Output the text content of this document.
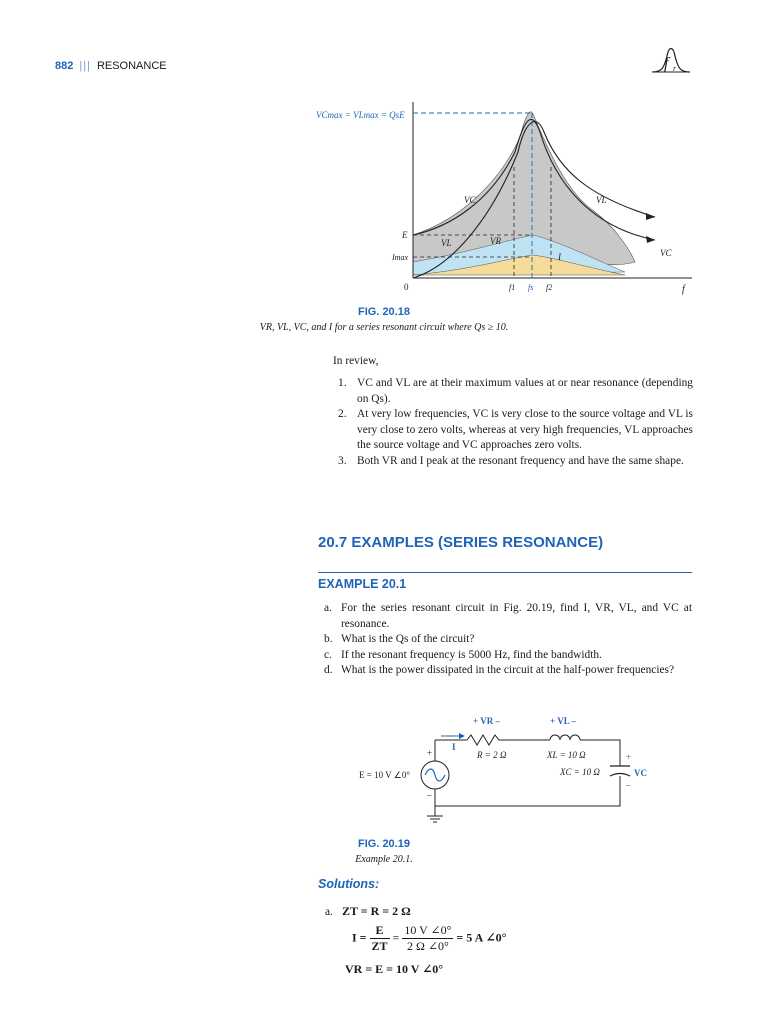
882 ||| RESONANCE	f r
VCmax = VLmax = QsE
E
Imax
0	f
f1 fs f2
VC	VL
VL	VR
I	VC
FIG. 20.18
VR, VL, VC, and I for a series resonant circuit where Qs ≥ 10.
In review,
1. VC and VL are at their maximum values at or near resonance (depending on Qs).
2. At very low frequencies, VC is very close to the source voltage and VL is very close to zero volts, whereas at very high frequencies, VL approaches the source voltage and VC approaches zero volts.
3. Both VR and I peak at the resonant frequency and have the same shape.
20.7 EXAMPLES (SERIES RESONANCE)
EXAMPLE 20.1
a. For the series resonant circuit in Fig. 20.19, find I, VR, VL, and VC at resonance.
b. What is the Qs of the circuit?
c. If the resonant frequency is 5000 Hz, find the bandwidth.
d. What is the power dissipated in the circuit at the half-power frequencies?
I
+ VR –	+ VL –
R = 2 Ω	XL = 10 Ω
XC = 10 Ω
E = 10 V ∠0°
+
–
+
–
VC
FIG. 20.19
Example 20.1.
Solutions:
a. ZT = R = 2 Ω
$I = \frac{E}{ZT} = \frac{10 V \angle 0^\circ}{2 \Omega \angle 0^\circ} = 5$ A ∠0°
VR = E = 10 V ∠0°
